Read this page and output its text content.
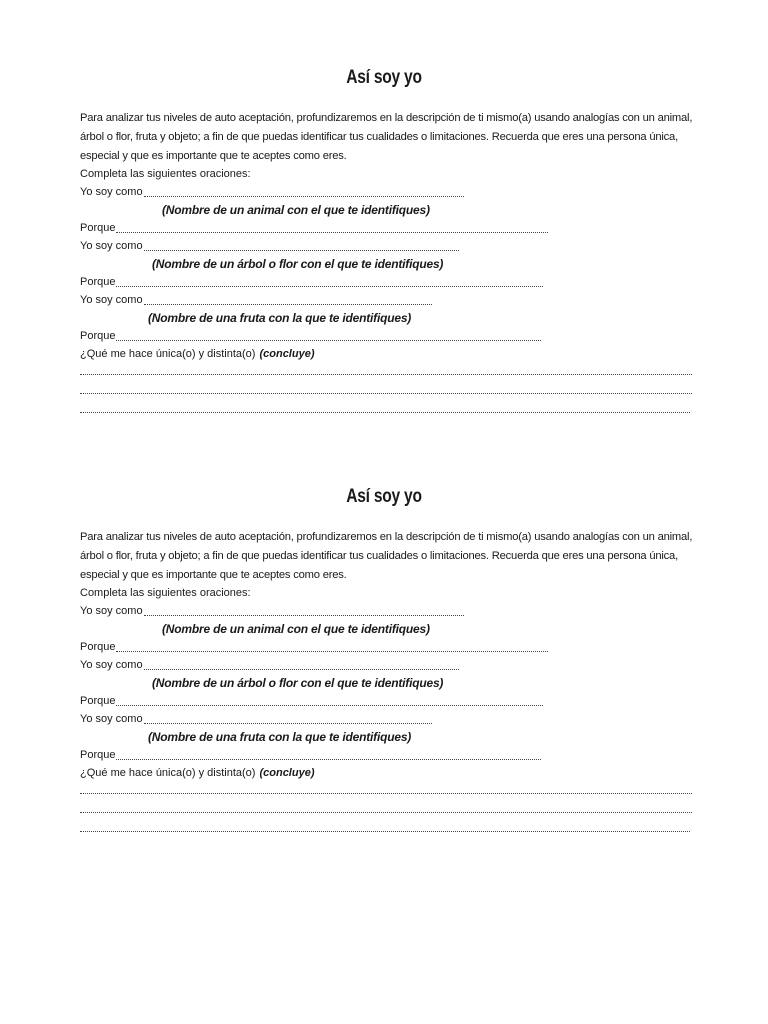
Así soy yo
Para analizar tus niveles de auto aceptación, profundizaremos en la descripción de ti mismo(a) usando analogías con un animal, árbol o flor, fruta y objeto; a fin de que puedas identificar tus cualidades o limitaciones. Recuerda que eres una persona única, especial y que es importante que te aceptes como eres.
Completa las siguientes oraciones:
Yo soy como
(Nombre de un animal con el que te identifiques)
Porque
Yo soy como
(Nombre de un árbol o flor con el que te identifiques)
Porque
Yo soy como
(Nombre de una fruta con la que te identifiques)
Porque
¿Qué me hace única(o) y distinta(o) (concluye)
Así soy yo
Para analizar tus niveles de auto aceptación, profundizaremos en la descripción de ti mismo(a) usando analogías con un animal, árbol o flor, fruta y objeto; a fin de que puedas identificar tus cualidades o limitaciones. Recuerda que eres una persona única, especial y que es importante que te aceptes como eres.
Completa las siguientes oraciones:
Yo soy como
(Nombre de un animal con el que te identifiques)
Porque
Yo soy como
(Nombre de un árbol o flor con el que te identifiques)
Porque
Yo soy como
(Nombre de una fruta con la que te identifiques)
Porque
¿Qué me hace única(o) y distinta(o) (concluye)
